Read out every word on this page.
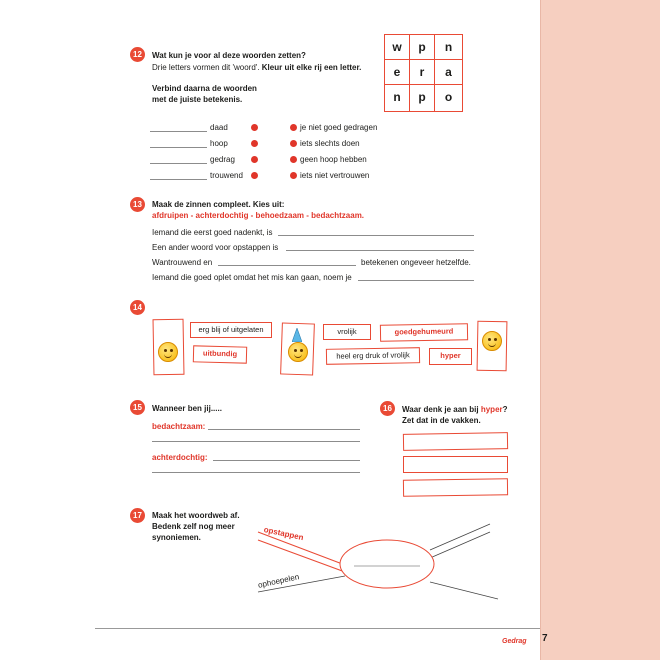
12	Wat kun je voor al deze woorden zetten?
Drie letters vormen dit 'woord'. Kleur uit elke rij een letter.
Verbind daarna de woorden
met de juiste betekenis.
w	p	n
e	r	a
n	p	o
daad	je niet goed gedragen
hoop	iets slechts doen
gedrag	geen hoop hebben
trouwend	iets niet vertrouwen
13	Maak de zinnen compleet. Kies uit:
afdruipen - achterdochtig - behoedzaam - bedachtzaam.
Iemand die eerst goed nadenkt, is
Een ander woord voor opstappen is
Wantrouwend en	betekenen ongeveer hetzelfde.
Iemand die goed oplet omdat het mis kan gaan, noem je
14
erg blij of uitgelaten
uitbundig
vrolijk	goedgehumeurd
heel erg druk of vrolijk	hyper
15	Wanneer ben jij.....
bedachtzaam:
achterdochtig:
16	Waar denk je aan bij hyper?
Zet dat in de vakken.
17	Maak het woordweb af.
Bedenk zelf nog meer
synoniemen.	opstappen
ophoepelen
Gedrag 7
